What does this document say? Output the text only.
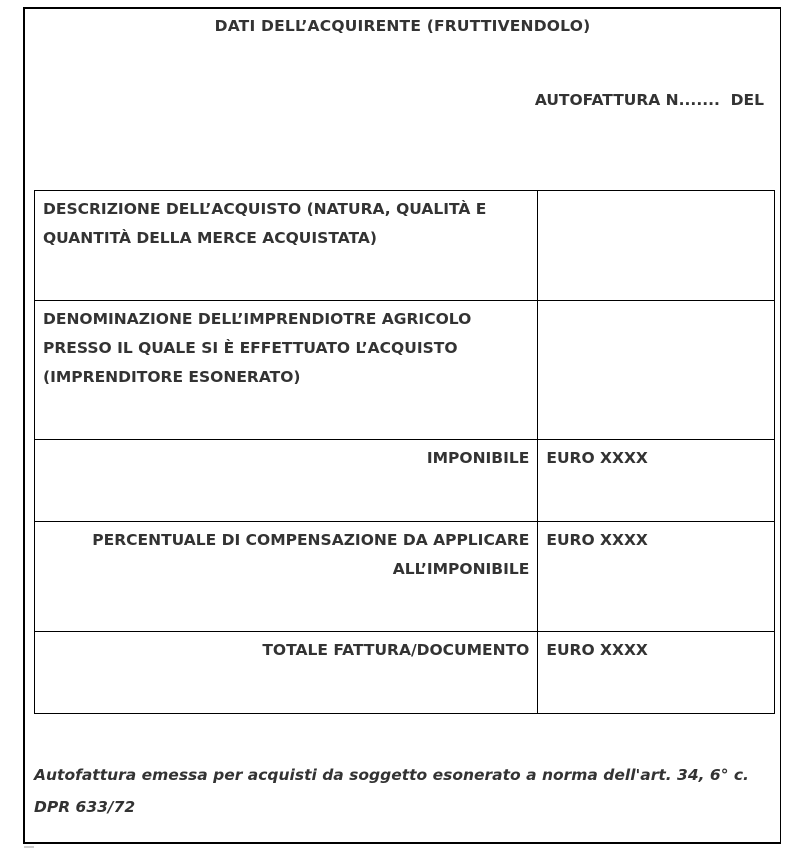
DATI DELL’ACQUIRENTE (FRUTTIVENDOLO)
AUTOFATTURA N.......  DEL
DESCRIZIONE DELL’ACQUISTO (NATURA, QUALITÀ E QUANTITÀ DELLA MERCE ACQUISTATA)	
DENOMINAZIONE DELL’IMPRENDIOTRE AGRICOLO PRESSO IL QUALE SI È EFFETTUATO L’ACQUISTO (IMPRENDITORE ESONERATO)	
IMPONIBILE	EURO XXXX
PERCENTUALE DI COMPENSAZIONE DA APPLICARE ALL’IMPONIBILE	EURO XXXX
TOTALE FATTURA/DOCUMENTO	EURO XXXX
Autofattura emessa per acquisti da soggetto esonerato a norma dell'art. 34, 6° c. DPR 633/72
